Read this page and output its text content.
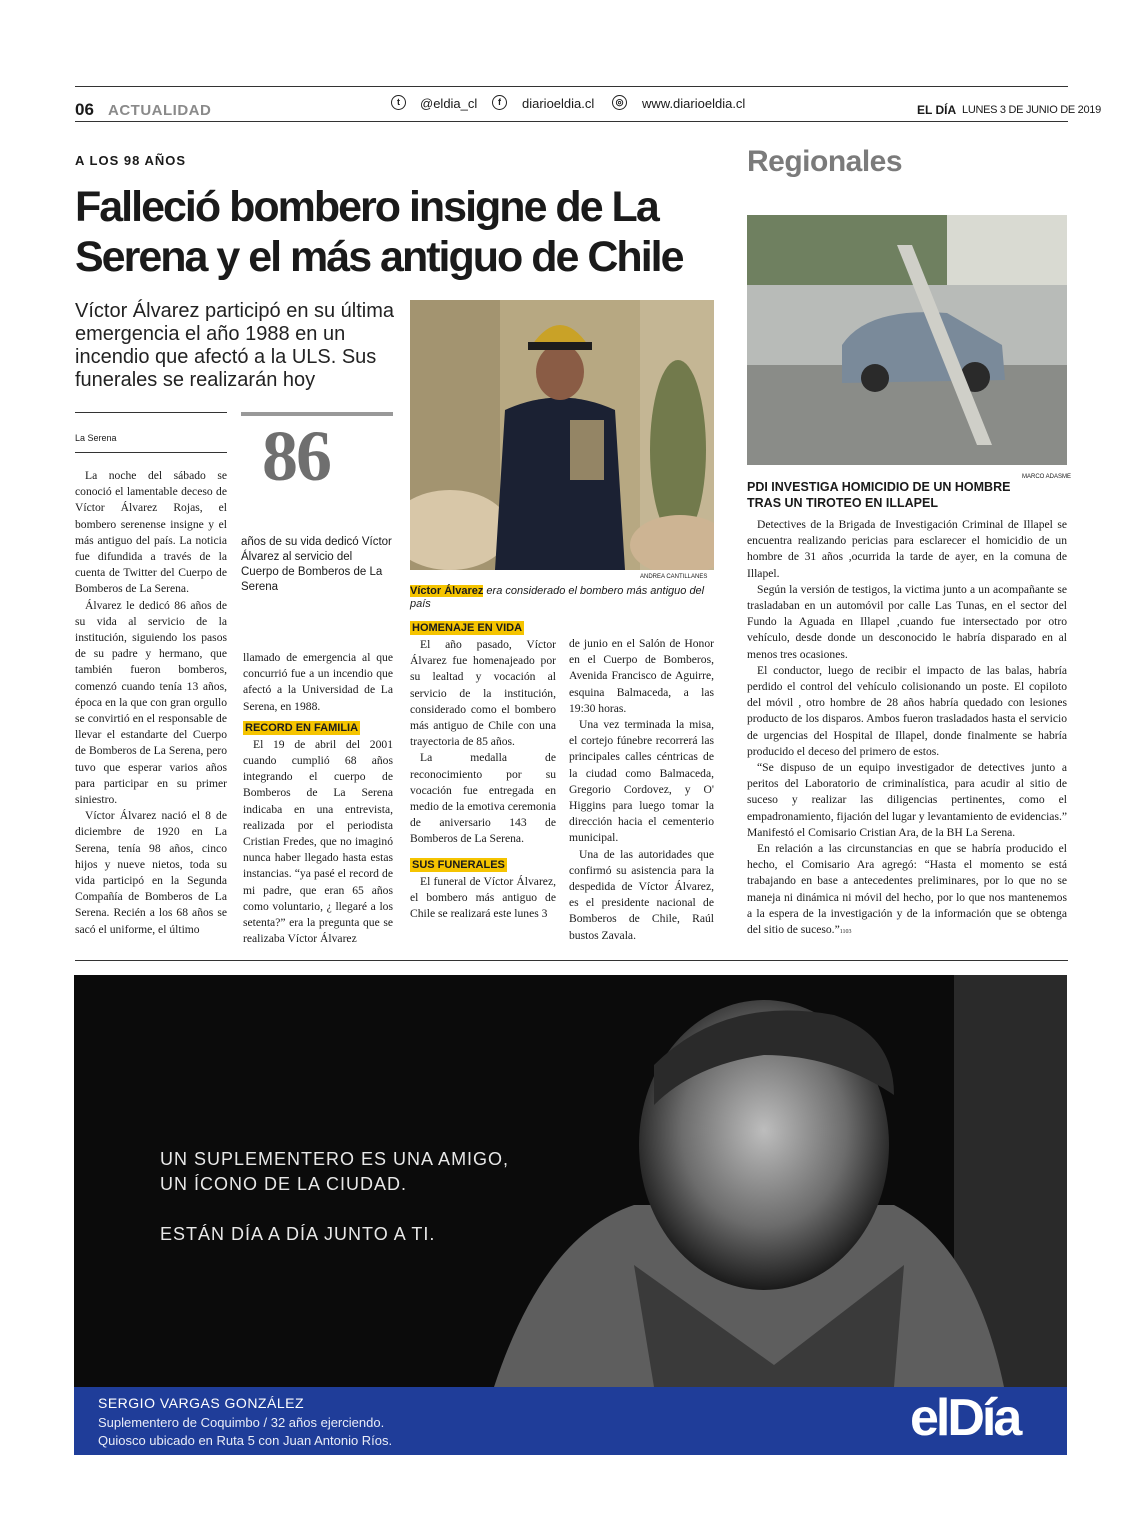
06 ACTUALIDAD	t	@eldia_cl	f	diarioeldia.cl	◎ www.diarioeldia.cl	EL DÍA LUNES 3 DE JUNIO DE 2019
A LOS 98 AÑOS
Falleció bombero insigne de La Serena y el más antiguo de Chile
Víctor Álvarez participó en su última emergencia el año 1988 en un incendio que afectó a la ULS. Sus funerales se realizarán hoy
La Serena 86
años de su vida dedicó Víctor Álvarez al servicio del Cuerpo de Bomberos de La Serena

La noche del sábado se conoció el lamentable deceso de Víctor Álvarez Rojas, el bombero serenense insigne y el más antiguo del país. La noticia fue difundida a través de la cuenta de Twitter del Cuerpo de Bomberos de La Serena.

Álvarez le dedicó 86 años de su vida al servicio de la institución, siguiendo los pasos de su padre y hermano, que también fueron bomberos, comenzó cuando tenía 13 años, época en la que con gran orgullo se convirtió en el responsable de llevar el estandarte del Cuerpo de Bomberos de La Serena, pero tuvo que esperar varios años para participar en su primer siniestro.

Víctor Álvarez nació el 8 de diciembre de 1920 en La Serena, tenía 98 años, cinco hijos y nueve nietos, toda su vida participó en la Segunda Compañía de Bomberos de La Serena. Recién a los 68 años se sacó el uniforme, el último

llamado de emergencia al que concurrió fue a un incendio que afectó a la Universidad de La Serena, en 1988.

RECORD EN FAMILIA

El 19 de abril del 2001 cuando cumplió 68 años integrando el cuerpo de Bomberos de La Serena indicaba en una entrevista, realizada por el periodista Cristian Fredes, que no imaginó nunca haber llegado hasta estas instancias. “ya pasé el record de mi padre, que eran 65 años como voluntario, ¿ llegaré a los setenta?” era la pregunta que se realizaba Víctor Álvarez

ANDREA CANTILLANES
Víctor Álvarez era considerado el bombero más antiguo del país
HOMENAJE EN VIDA

El año pasado, Víctor Álvarez fue homenajeado por su lealtad y vocación al servicio de la institución, considerado como el bombero más antiguo de Chile con una trayectoria de 85 años.

La medalla de reconocimiento por su vocación fue entregada en medio de la emotiva ceremonia de aniversario 143 de Bomberos de La Serena.

SUS FUNERALES

El funeral de Víctor Álvarez, el bombero más antiguo de Chile se realizará este lunes 3

de junio en el Salón de Honor en el Cuerpo de Bomberos, Avenida Francisco de Aguirre, esquina Balmaceda, a las 19:30 horas.

Una vez terminada la misa, el cortejo fúnebre recorrerá las principales calles céntricas de la ciudad como Balmaceda, Gregorio Cordovez, y O' Higgins para luego tomar la dirección hacia el cementerio municipal.

Una de las autoridades que confirmó su asistencia para la despedida de Víctor Álvarez, es el presidente nacional de Bomberos de Chile, Raúl bustos Zavala.

Regionales
MARCO ADASME
PDI INVESTIGA HOMICIDIO DE UN HOMBRE TRAS UN TIROTEO EN ILLAPEL

Detectives de la Brigada de Investigación Criminal de Illapel se encuentra realizando pericias para esclarecer el homicidio de un hombre de 31 años ,ocurrida la tarde de ayer, en la comuna de Illapel.

Según la versión de testigos, la victima junto a un acompañante se trasladaban en un automóvil por calle Las Tunas, en el sector del Fundo la Aguada en Illapel ,cuando fue intersectado por otro vehículo, desde donde un desconocido le habría disparado en al menos tres ocasiones.

El conductor, luego de recibir el impacto de las balas, habría perdido el control del vehículo colisionando un poste. El copiloto del móvil , otro hombre de 28 años habría quedado con lesiones producto de los disparos. Ambos fueron trasladados hasta el servicio de urgencias del Hospital de Illapel, donde finalmente se habría producido el deceso del primero de estos.

“Se dispuso de un equipo investigador de detectives junto a peritos del Laboratorio de criminalística, para acudir al sitio de suceso y realizar las diligencias pertinentes, como el empadronamiento, fijación del lugar y levantamiento de evidencias.” Manifestó el Comisario Cristian Ara, de la BH La Serena.

En relación a las circunstancias en que se habría producido el hecho, el Comisario Ara agregó: “Hasta el momento se está trabajando en base a antecedentes preliminares, por lo que no se maneja ni dinámica ni móvil del hecho, por lo que nos mantenemos a la espera de la investigación y de la información que se obtenga del sitio de suceso.”1103

UN SUPLEMENTERO ES UNA AMIGO,
UN ÍCONO DE LA CIUDAD.
ESTÁN DÍA A DÍA JUNTO A TI.
SERGIO VARGAS GONZÁLEZ
Suplementero de Coquimbo / 32 años ejerciendo.
Quiosco ubicado en Ruta 5 con Juan Antonio Ríos.	elDía
